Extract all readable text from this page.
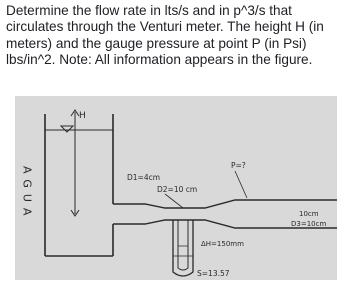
Determine the flow rate in lts/s and in p^3/s that circulates through the Venturi meter. The height H (in meters) and the gauge pressure at point P (in Psi) lbs/in^2. Note: All information appears in the figure.

H
AGUA	D1=4cm
D2=10 cm
P=?
10cm
D3=10cm
ΔH=150mm
S=13.57
